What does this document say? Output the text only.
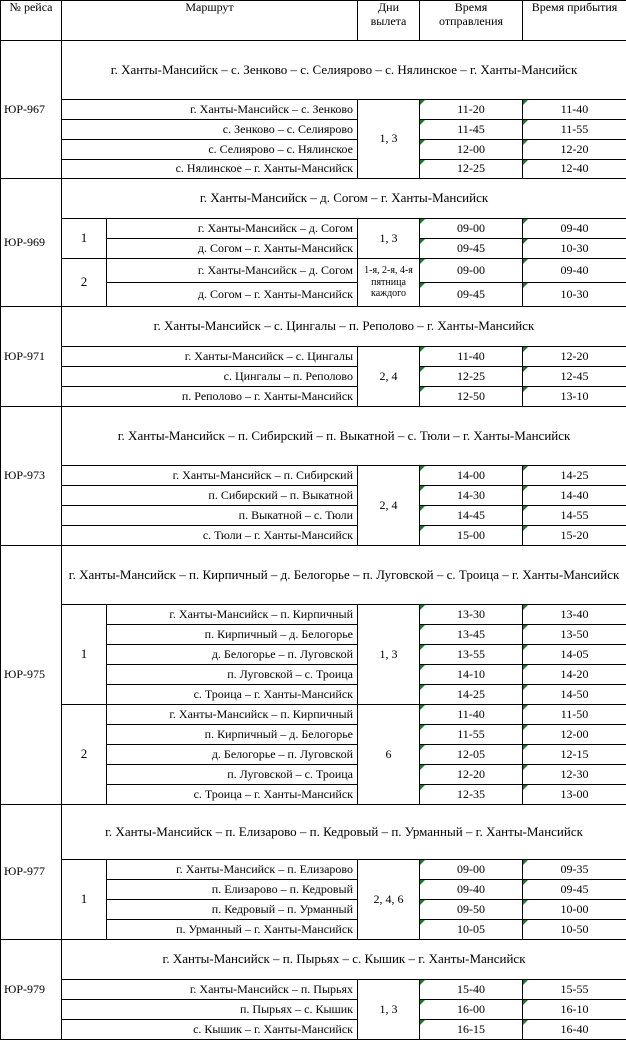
№ рейса	Маршрут		Дни вылета	Время отправления	Время прибытия
ЮР-967	г. Ханты-Мансийск – с. Зенково – с. Селиярово – с. Нялинское – г. Ханты-Мансийск				
	г. Ханты-Мансийск – с. Зенково		1, 3	11-20	11-40
	с. Зенково – с. Селиярово			11-45	11-55
	с. Селиярово – с. Нялинское			12-00	12-20
	с. Нялинское – г. Ханты-Мансийск			12-25	12-40
ЮР-969	г. Ханты-Мансийск – д. Согом – г. Ханты-Мансийск				
	1	г. Ханты-Мансийск – д. Согом	1, 3	09-00	09-40
		д. Согом – г. Ханты-Мансийск		09-45	10-30
	2	г. Ханты-Мансийск – д. Согом	1-я, 2-я, 4-я пятница каждого	09-00	09-40
		д. Согом – г. Ханты-Мансийск		09-45	10-30
ЮР-971	г. Ханты-Мансийск – с. Цингалы – п. Реполово – г. Ханты-Мансийск				
	г. Ханты-Мансийск – с. Цингалы		2, 4	11-40	12-20
	с. Цингалы – п. Реполово			12-25	12-45
	п. Реполово – г. Ханты-Мансийск			12-50	13-10
ЮР-973	г. Ханты-Мансийск – п. Сибирский – п. Выкатной – с. Тюли – г. Ханты-Мансийск				
	г. Ханты-Мансийск – п. Сибирский		2, 4	14-00	14-25
	п. Сибирский – п. Выкатной			14-30	14-40
	п. Выкатной – с. Тюли			14-45	14-55
	с. Тюли – г. Ханты-Мансийск			15-00	15-20
ЮР-975	г. Ханты-Мансийск – п. Кирпичный – д. Белогорье – п. Луговской – с. Троица – г. Ханты-Мансийск				
	1	г. Ханты-Мансийск – п. Кирпичный	1, 3	13-30	13-40
		п. Кирпичный – д. Белогорье		13-45	13-50
		д. Белогорье – п. Луговской		13-55	14-05
		п. Луговской – с. Троица		14-10	14-20
		с. Троица – г. Ханты-Мансийск		14-25	14-50
	2	г. Ханты-Мансийск – п. Кирпичный	6	11-40	11-50
		п. Кирпичный – д. Белогорье		11-55	12-00
		д. Белогорье – п. Луговской		12-05	12-15
		п. Луговской – с. Троица		12-20	12-30
		с. Троица – г. Ханты-Мансийск		12-35	13-00
ЮР-977	г. Ханты-Мансийск – п. Елизарово – п. Кедровый – п. Урманный – г. Ханты-Мансийск				
	1	г. Ханты-Мансийск – п. Елизарово	2, 4, 6	09-00	09-35
		п. Елизарово – п. Кедровый		09-40	09-45
		п. Кедровый – п. Урманный		09-50	10-00
		п. Урманный – г. Ханты-Мансийск		10-05	10-50
ЮР-979	г. Ханты-Мансийск – п. Пырьях – с. Кышик – г. Ханты-Мансийск				
	г. Ханты-Мансийск – п. Пырьях		1, 3	15-40	15-55
	п. Пырьях – с. Кышик			16-00	16-10
	с. Кышик – г. Ханты-Мансийск			16-15	16-40
